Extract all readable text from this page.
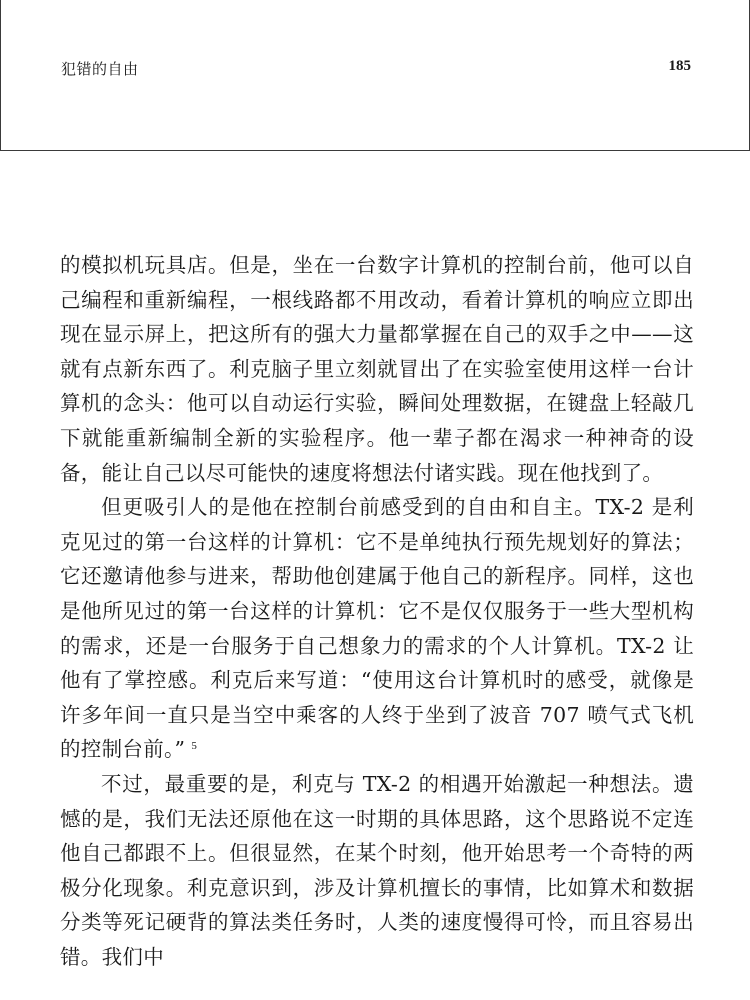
犯错的自由	185

的模拟机玩具店。但是，坐在一台数字计算机的控制台前，他可以自己编程和重新编程，一根线路都不用改动，看着计算机的响应立即出现在显示屏上，把这所有的强大力量都掌握在自己的双手之中——这就有点新东西了。利克脑子里立刻就冒出了在实验室使用这样一台计算机的念头：他可以自动运行实验，瞬间处理数据，在键盘上轻敲几下就能重新编制全新的实验程序。他一辈子都在渴求一种神奇的设备，能让自己以尽可能快的速度将想法付诸实践。现在他找到了。

但更吸引人的是他在控制台前感受到的自由和自主。TX-2 是利克见过的第一台这样的计算机：它不是单纯执行预先规划好的算法；它还邀请他参与进来，帮助他创建属于他自己的新程序。同样，这也是他所见过的第一台这样的计算机：它不是仅仅服务于一些大型机构的需求，还是一台服务于自己想象力的需求的个人计算机。TX-2 让他有了掌控感。利克后来写道：“使用这台计算机时的感受，就像是许多年间一直只是当空中乘客的人终于坐到了波音 707 喷气式飞机的控制台前。” $^5$

不过，最重要的是，利克与 TX-2 的相遇开始激起一种想法。遗憾的是，我们无法还原他在这一时期的具体思路，这个思路说不定连他自己都跟不上。但很显然，在某个时刻，他开始思考一个奇特的两极分化现象。利克意识到，涉及计算机擅长的事情，比如算术和数据分类等死记硬背的算法类任务时，人类的速度慢得可怜，而且容易出错。我们中
